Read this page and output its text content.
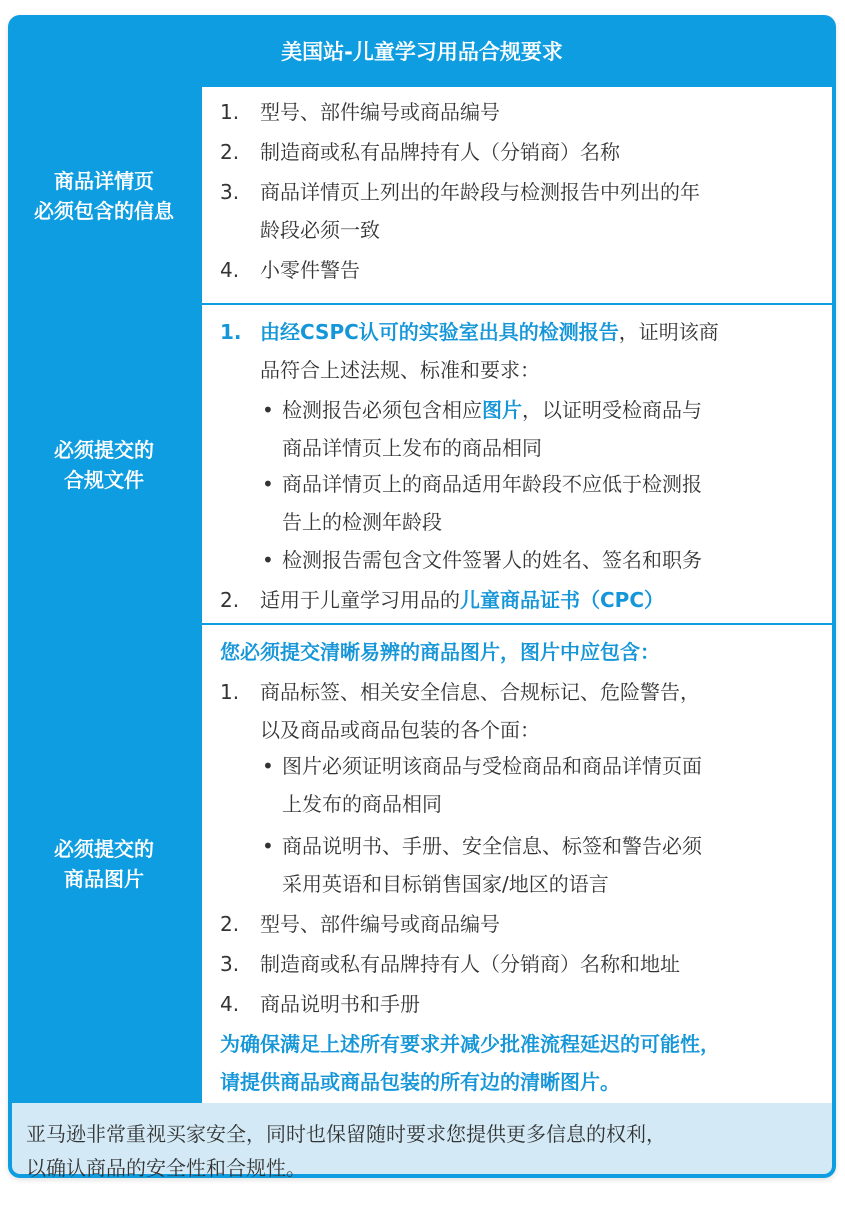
美国站-儿童学习用品合规要求
商品详情页
必须包含的信息
1. 型号、部件编号或商品编号
2. 制造商或私有品牌持有人（分销商）名称
3. 商品详情页上列出的年龄段与检测报告中列出的年
龄段必须一致
4. 小零件警告
必须提交的
合规文件
1. 由经CSPC认可的实验室出具的检测报告，证明该商
品符合上述法规、标准和要求：
• 检测报告必须包含相应图片，以证明受检商品与
商品详情页上发布的商品相同
• 商品详情页上的商品适用年龄段不应低于检测报
告上的检测年龄段
• 检测报告需包含文件签署人的姓名、签名和职务
2. 适用于儿童学习用品的儿童商品证书（CPC）
必须提交的
商品图片
您必须提交清晰易辨的商品图片，图片中应包含：
1. 商品标签、相关安全信息、合规标记、危险警告，
以及商品或商品包装的各个面：
• 图片必须证明该商品与受检商品和商品详情页面
上发布的商品相同
• 商品说明书、手册、安全信息、标签和警告必须
采用英语和目标销售国家/地区的语言
2. 型号、部件编号或商品编号
3. 制造商或私有品牌持有人（分销商）名称和地址
4. 商品说明书和手册
为确保满足上述所有要求并减少批准流程延迟的可能性，
请提供商品或商品包装的所有边的清晰图片。
亚马逊非常重视买家安全，同时也保留随时要求您提供更多信息的权利，
以确认商品的安全性和合规性。
